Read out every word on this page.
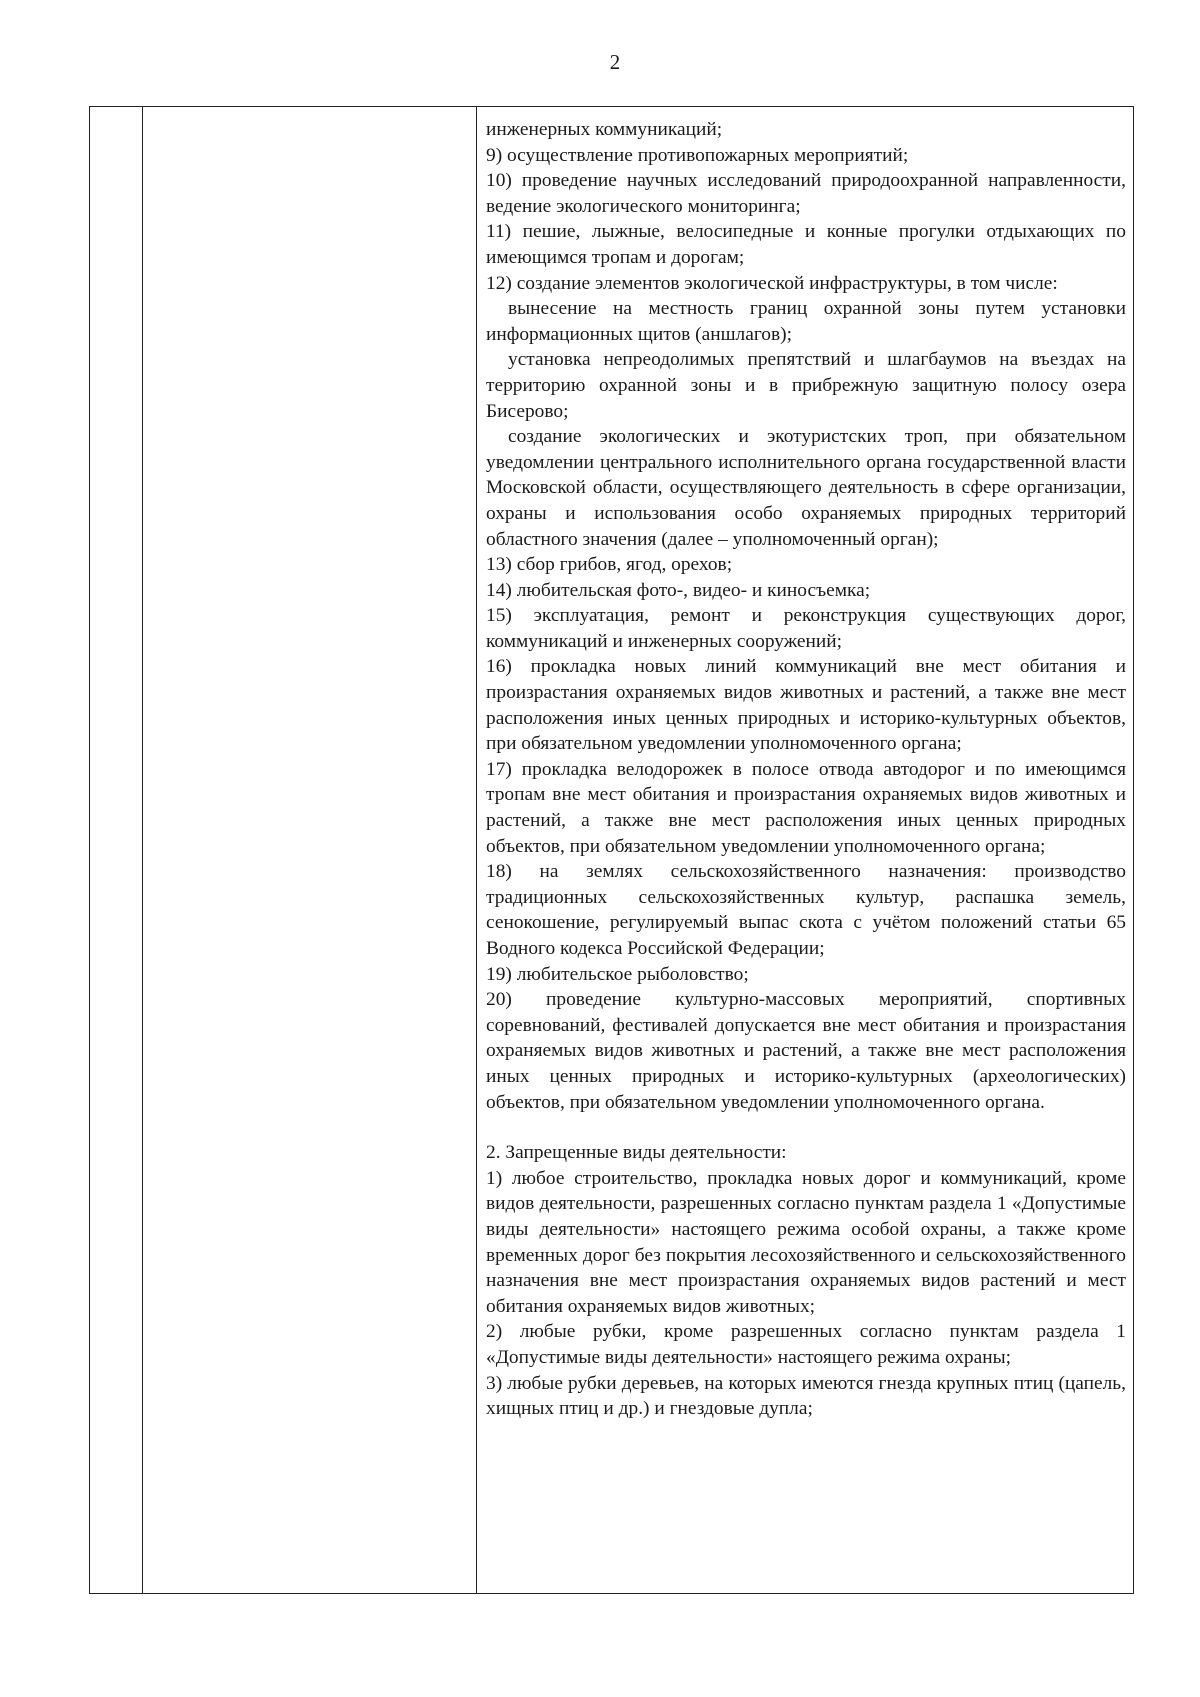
2

инженерных коммуникаций;

9) осуществление противопожарных мероприятий;

10) проведение научных исследований природоохранной направленности, ведение экологического мониторинга;

11) пешие, лыжные, велосипедные и конные прогулки отдыхающих по имеющимся тропам и дорогам;

12) создание элементов экологической инфраструктуры, в том числе:

вынесение на местность границ охранной зоны путем установки информационных щитов (аншлагов);

установка непреодолимых препятствий и шлагбаумов на въездах на территорию охранной зоны и в прибрежную защитную полосу озера Бисерово;

создание экологических и экотуристских троп, при обязательном уведомлении центрального исполнительного органа государственной власти Московской области, осуществляющего деятельность в сфере организации, охраны и использования особо охраняемых природных территорий областного значения (далее – уполномоченный орган);

13) сбор грибов, ягод, орехов;

14) любительская фото-, видео- и киносъемка;

15) эксплуатация, ремонт и реконструкция существующих дорог, коммуникаций и инженерных сооружений;

16) прокладка новых линий коммуникаций вне мест обитания и произрастания охраняемых видов животных и растений, а также вне мест расположения иных ценных природных и историко-культурных объектов, при обязательном уведомлении уполномоченного органа;

17) прокладка велодорожек в полосе отвода автодорог и по имеющимся тропам вне мест обитания и произрастания охраняемых видов животных и растений, а также вне мест расположения иных ценных природных объектов, при обязательном уведомлении уполномоченного органа;

18) на землях сельскохозяйственного назначения: производство традиционных сельскохозяйственных культур, распашка земель, сенокошение, регулируемый выпас скота с учётом положений статьи 65 Водного кодекса Российской Федерации;

19) любительское рыболовство;

20) проведение культурно-массовых мероприятий, спортивных соревнований, фестивалей допускается вне мест обитания и произрастания охраняемых видов животных и растений, а также вне мест расположения иных ценных природных и историко-культурных (археологических) объектов, при обязательном уведомлении уполномоченного органа.

2. Запрещенные виды деятельности:

1) любое строительство, прокладка новых дорог и коммуникаций, кроме видов деятельности, разрешенных согласно пунктам раздела 1 «Допустимые виды деятельности» настоящего режима особой охраны, а также кроме временных дорог без покрытия лесохозяйственного и сельскохозяйственного назначения вне мест произрастания охраняемых видов растений и мест обитания охраняемых видов животных;

2) любые рубки, кроме разрешенных согласно пунктам раздела 1 «Допустимые виды деятельности» настоящего режима охраны;

3) любые рубки деревьев, на которых имеются гнезда крупных птиц (цапель, хищных птиц и др.) и гнездовые дупла;
